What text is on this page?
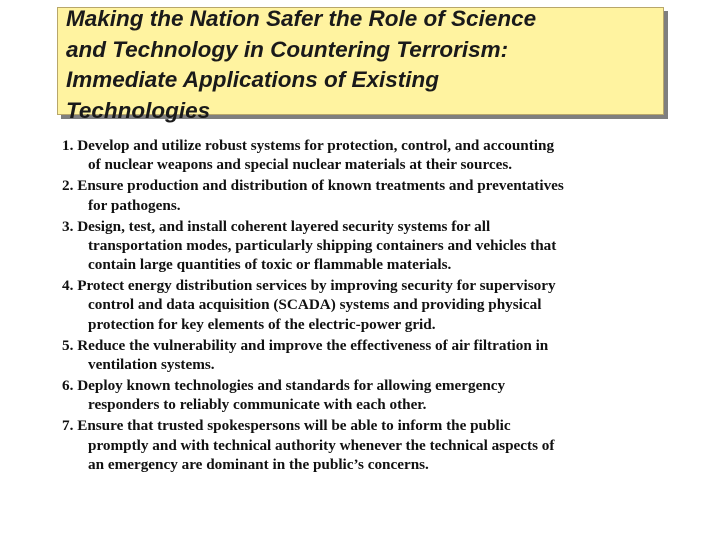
Making the Nation Safer the Role of Science
and Technology in Countering Terrorism:
Immediate Applications of Existing
Technologies
1. Develop and utilize robust systems for protection, control, and accounting
of nuclear weapons and special nuclear materials at their sources.
2. Ensure production and distribution of known treatments and preventatives
for pathogens.
3. Design, test, and install coherent layered security systems for all
transportation modes, particularly shipping containers and vehicles that
contain large quantities of toxic or flammable materials.
4. Protect energy distribution services by improving security for supervisory
control and data acquisition (SCADA) systems and providing physical
protection for key elements of the electric-power grid.
5. Reduce the vulnerability and improve the effectiveness of air filtration in
ventilation systems.
6. Deploy known technologies and standards for allowing emergency
responders to reliably communicate with each other.
7. Ensure that trusted spokespersons will be able to inform the public
promptly and with technical authority whenever the technical aspects of
an emergency are dominant in the public’s concerns.
